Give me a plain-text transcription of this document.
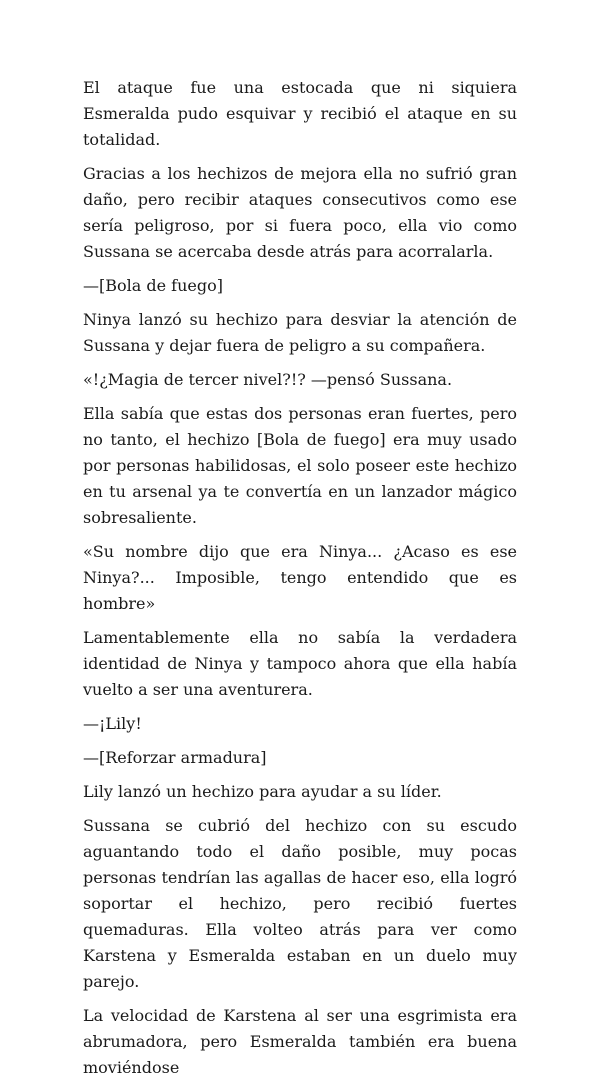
El ataque fue una estocada que ni siquiera Esmeralda pudo esquivar y recibió el ataque en su totalidad.

Gracias a los hechizos de mejora ella no sufrió gran daño, pero recibir ataques consecutivos como ese sería peligroso, por si fuera poco, ella vio como Sussana se acercaba desde atrás para acorralarla.

—[Bola de fuego]

Ninya lanzó su hechizo para desviar la atención de Sussana y dejar fuera de peligro a su compañera.

«!¿Magia de tercer nivel?!? —pensó Sussana.

Ella sabía que estas dos personas eran fuertes, pero no tanto, el hechizo [Bola de fuego] era muy usado por personas habilidosas, el solo poseer este hechizo en tu arsenal ya te convertía en un lanzador mágico sobresaliente.

«Su nombre dijo que era Ninya... ¿Acaso es ese Ninya?... Imposible, tengo entendido que es hombre»

Lamentablemente ella no sabía la verdadera identidad de Ninya y tampoco ahora que ella había vuelto a ser una aventurera.

—¡Lily!

—[Reforzar armadura]

Lily lanzó un hechizo para ayudar a su líder.

Sussana se cubrió del hechizo con su escudo aguantando todo el daño posible, muy pocas personas tendrían las agallas de hacer eso, ella logró soportar el hechizo, pero recibió fuertes quemaduras. Ella volteo atrás para ver como Karstena y Esmeralda estaban en un duelo muy parejo.

La velocidad de Karstena al ser una esgrimista era abrumadora, pero Esmeralda también era buena moviéndose
